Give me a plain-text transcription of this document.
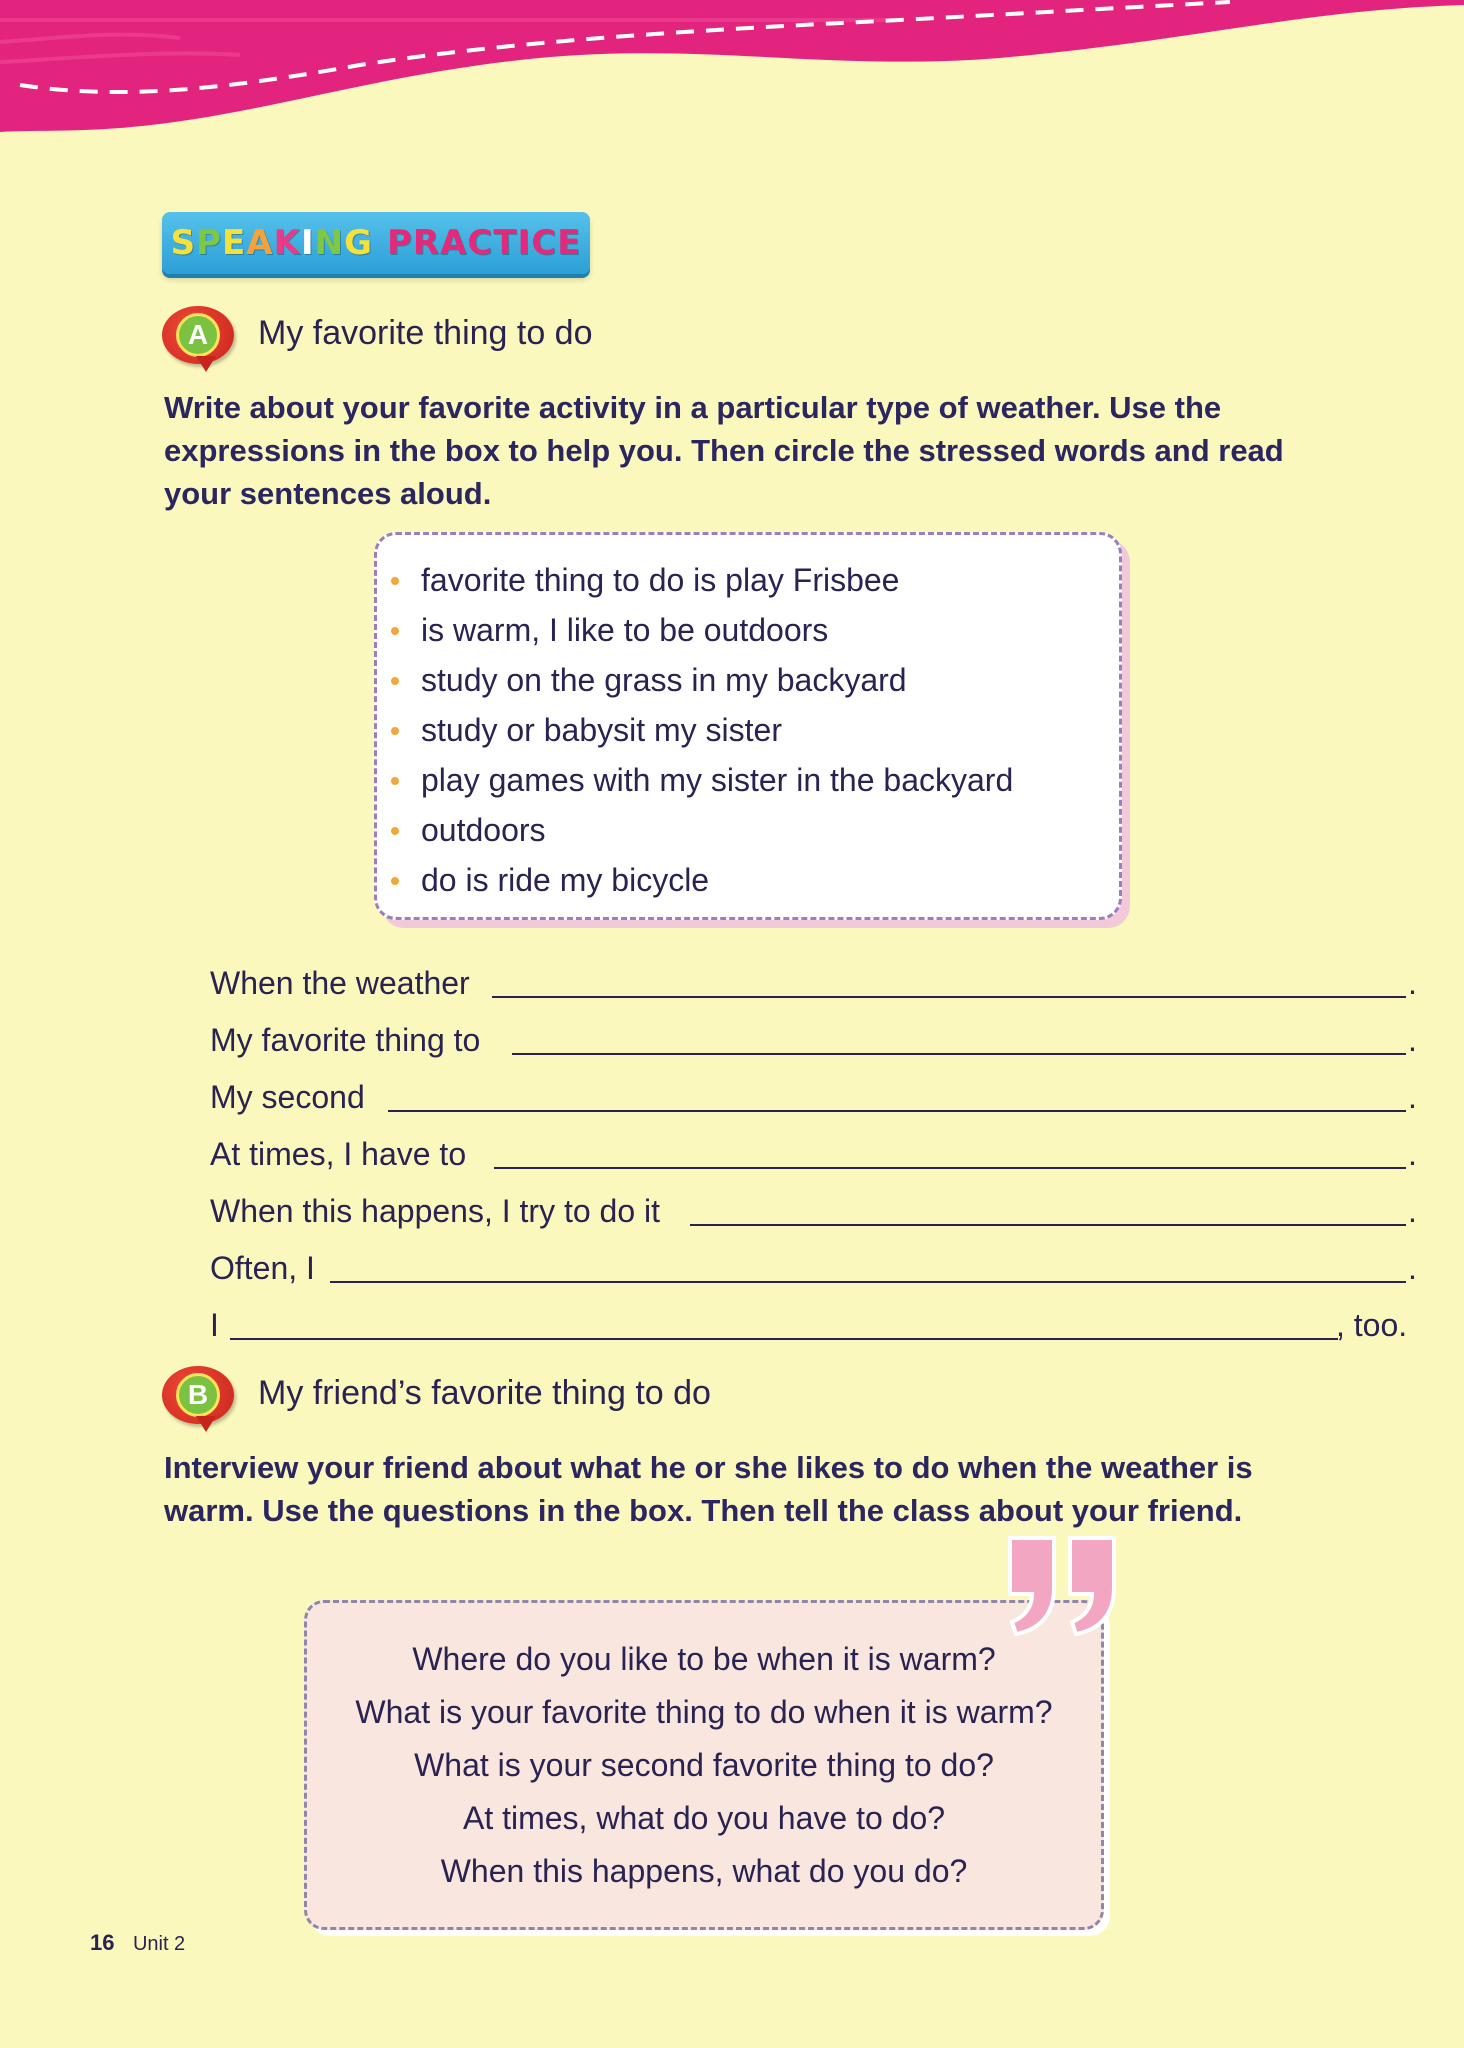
SPEAKING PRACTICE
A	My favorite thing to do
Write about your favorite activity in a particular type of weather. Use the
expressions in the box to help you. Then circle the stressed words and read
your sentences aloud.
favorite thing to do is play Frisbee
is warm, I like to be outdoors
study on the grass in my backyard
study or babysit my sister
play games with my sister in the backyard
outdoors
do is ride my bicycle
When the weather	.
My favorite thing to	.
My second	.
At times, I have to	.
When this happens, I try to do it	.
Often, I	.
I	, too.
B	My friend’s favorite thing to do
Interview your friend about what he or she likes to do when the weather is
warm. Use the questions in the box. Then tell the class about your friend.
Where do you like to be when it is warm?
What is your favorite thing to do when it is warm?
What is your second favorite thing to do?
At times, what do you have to do?
When this happens, what do you do?
16 Unit 2
